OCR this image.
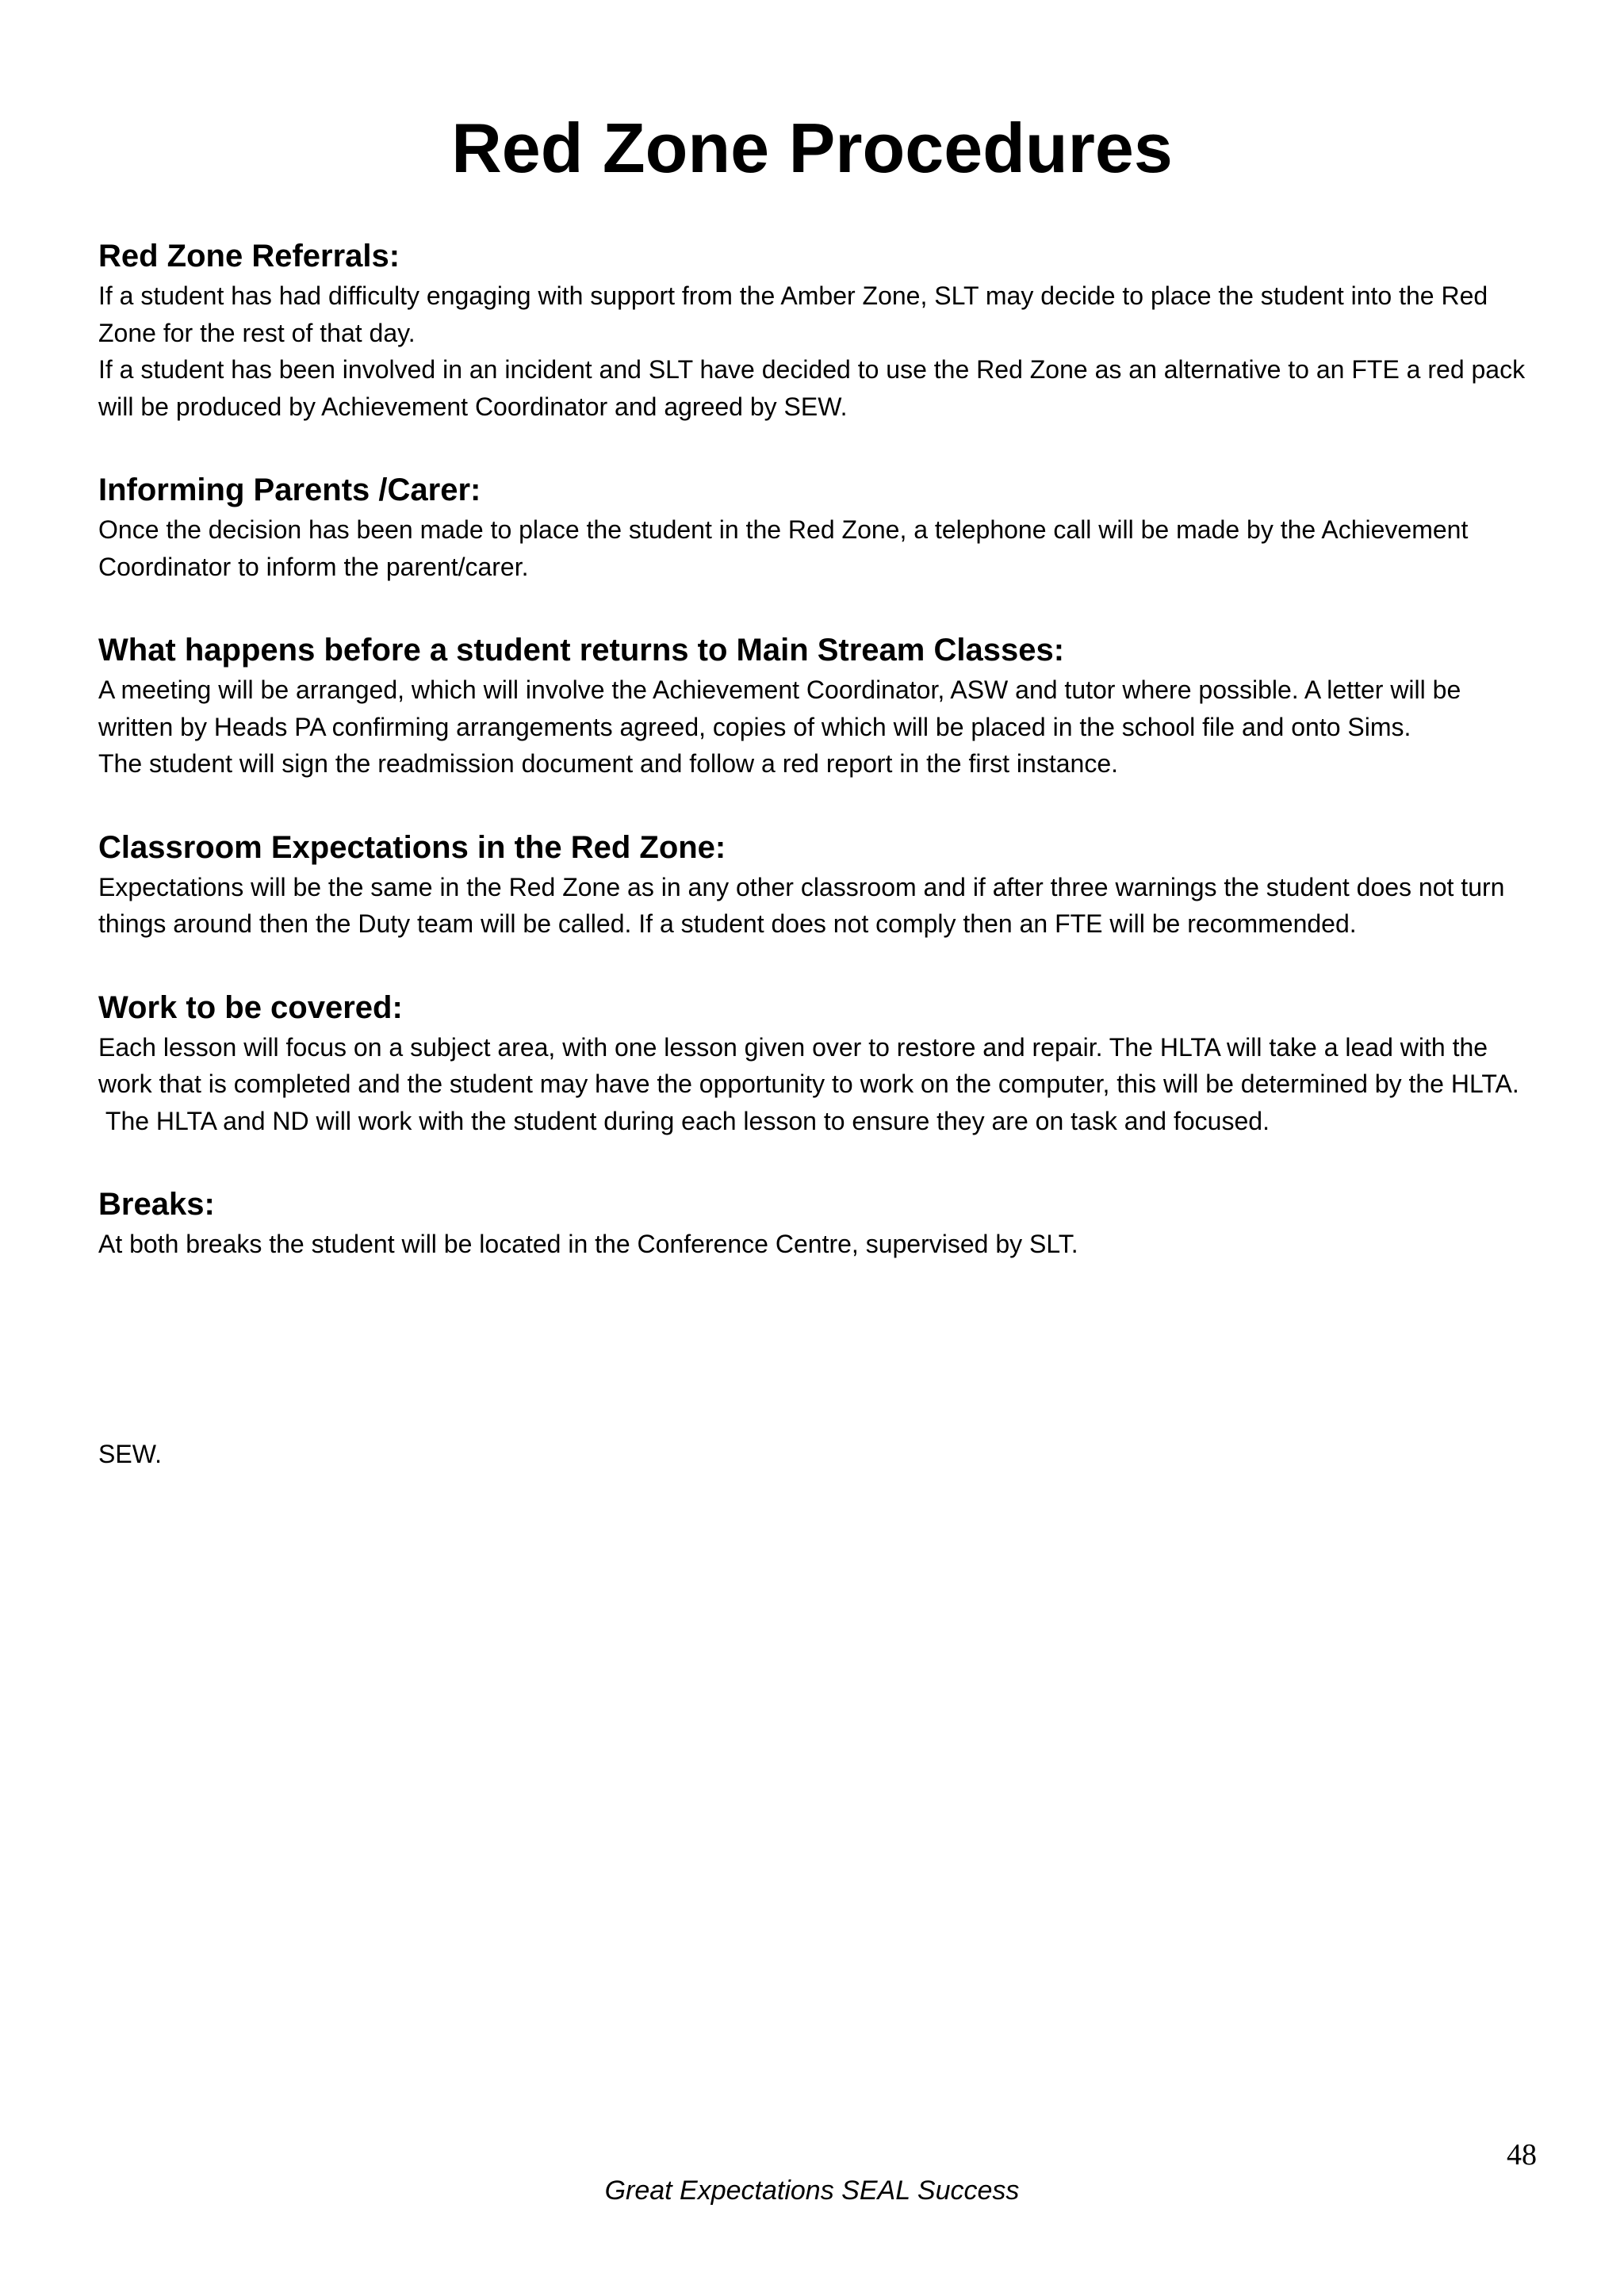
Red Zone Procedures
Red Zone Referrals:

If a student has had difficulty engaging with support from the Amber Zone, SLT may decide to place the student into the Red Zone for the rest of that day.

If a student has been involved in an incident and SLT have decided to use the Red Zone as an alternative to an FTE a red pack will be produced by Achievement Coordinator and agreed by SEW.

Informing Parents /Carer:

Once the decision has been made to place the student in the Red Zone, a telephone call will be made by the Achievement Coordinator to inform the parent/carer.

What happens before a student returns to Main Stream Classes:

A meeting will be arranged, which will involve the Achievement Coordinator, ASW and tutor where possible. A letter will be written by Heads PA confirming arrangements agreed, copies of which will be placed in the school file and onto Sims.

The student will sign the readmission document and follow a red report in the first instance.

Classroom Expectations in the Red Zone:

Expectations will be the same in the Red Zone as in any other classroom and if after three warnings the student does not turn things around then the Duty team will be called. If a student does not comply then an FTE will be recommended.

Work to be covered:

Each lesson will focus on a subject area, with one lesson given over to restore and repair. The HLTA will take a lead with the work that is completed and the student may have the opportunity to work on the computer, this will be determined by the HLTA.

The HLTA and ND will work with the student during each lesson to ensure they are on task and focused.

Breaks:

At both breaks the student will be located in the Conference Centre, supervised by SLT.

SEW.

48
Great Expectations SEAL Success
